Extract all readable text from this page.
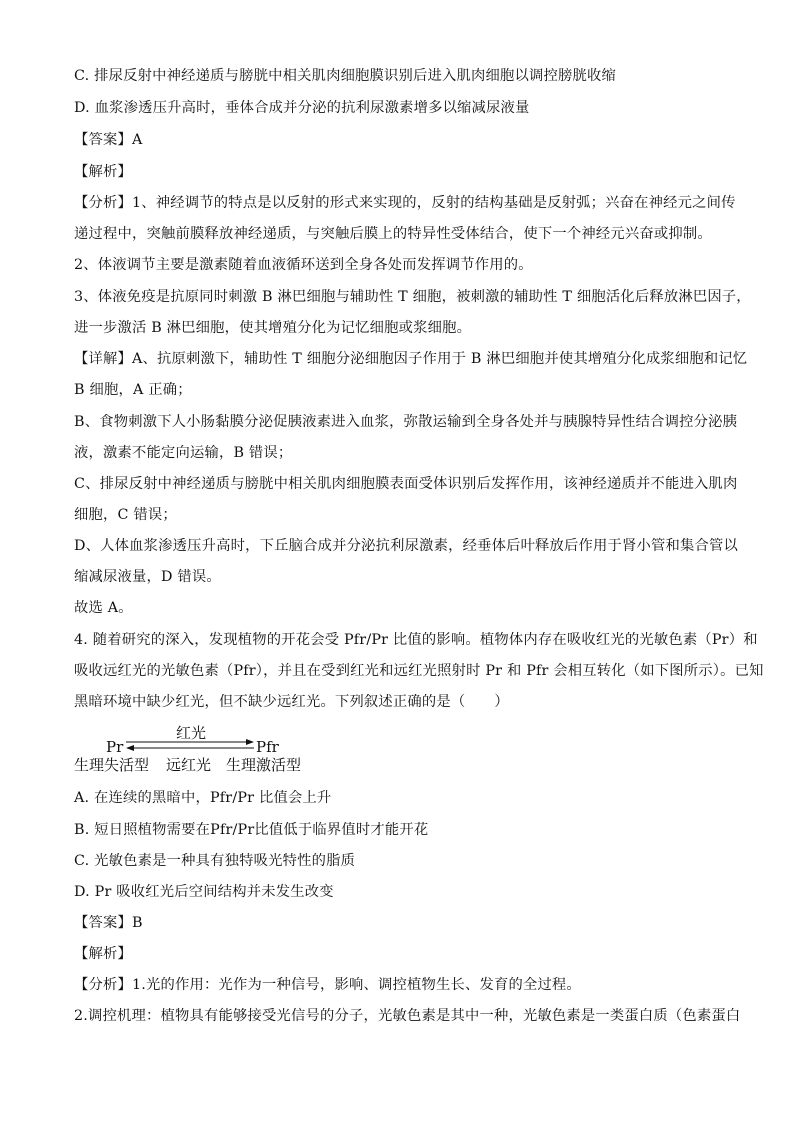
C. 排尿反射中神经递质与膀胱中相关肌肉细胞膜识别后进入肌肉细胞以调控膀胱收缩
D. 血浆渗透压升高时，垂体合成并分泌的抗利尿激素增多以缩减尿液量
【答案】A
【解析】
【分析】1、神经调节的特点是以反射的形式来实现的，反射的结构基础是反射弧；兴奋在神经元之间传
递过程中，突触前膜释放神经递质，与突触后膜上的特异性受体结合，使下一个神经元兴奋或抑制。
2、体液调节主要是激素随着血液循环送到全身各处而发挥调节作用的。
3、体液免疫是抗原同时刺激 B 淋巴细胞与辅助性 T 细胞，被刺激的辅助性 T 细胞活化后释放淋巴因子，
进一步激活 B 淋巴细胞，使其增殖分化为记忆细胞或浆细胞。
【详解】A、抗原刺激下，辅助性 T 细胞分泌细胞因子作用于 B 淋巴细胞并使其增殖分化成浆细胞和记忆
B 细胞，A 正确；
B、食物刺激下人小肠黏膜分泌促胰液素进入血浆，弥散运输到全身各处并与胰腺特异性结合调控分泌胰
液，激素不能定向运输，B 错误；
C、排尿反射中神经递质与膀胱中相关肌肉细胞膜表面受体识别后发挥作用，该神经递质并不能进入肌肉
细胞，C 错误；
D、人体血浆渗透压升高时，下丘脑合成并分泌抗利尿激素，经垂体后叶释放后作用于肾小管和集合管以
缩减尿液量，D 错误。
故选 A。
4. 随着研究的深入，发现植物的开花会受 Pfr/Pr 比值的影响。植物体内存在吸收红光的光敏色素（Pr）和
吸收远红光的光敏色素（Pfr），并且在受到红光和远红光照射时 Pr 和 Pfr 会相互转化（如下图所示）。已知
黑暗环境中缺少红光，但不缺少远红光。下列叙述正确的是（　　）
红光
Pr	Pfr
生理失活型 远红光 生理激活型
A. 在连续的黑暗中，Pfr/Pr 比值会上升
B. 短日照植物需要在Pfr/Pr比值低于临界值时才能开花
C. 光敏色素是一种具有独特吸光特性的脂质
D. Pr 吸收红光后空间结构并未发生改变
【答案】B
【解析】
【分析】1.光的作用：光作为一种信号，影响、调控植物生长、发育的全过程。
2.调控机理：植物具有能够接受光信号的分子，光敏色素是其中一种，光敏色素是一类蛋白质（色素蛋白
